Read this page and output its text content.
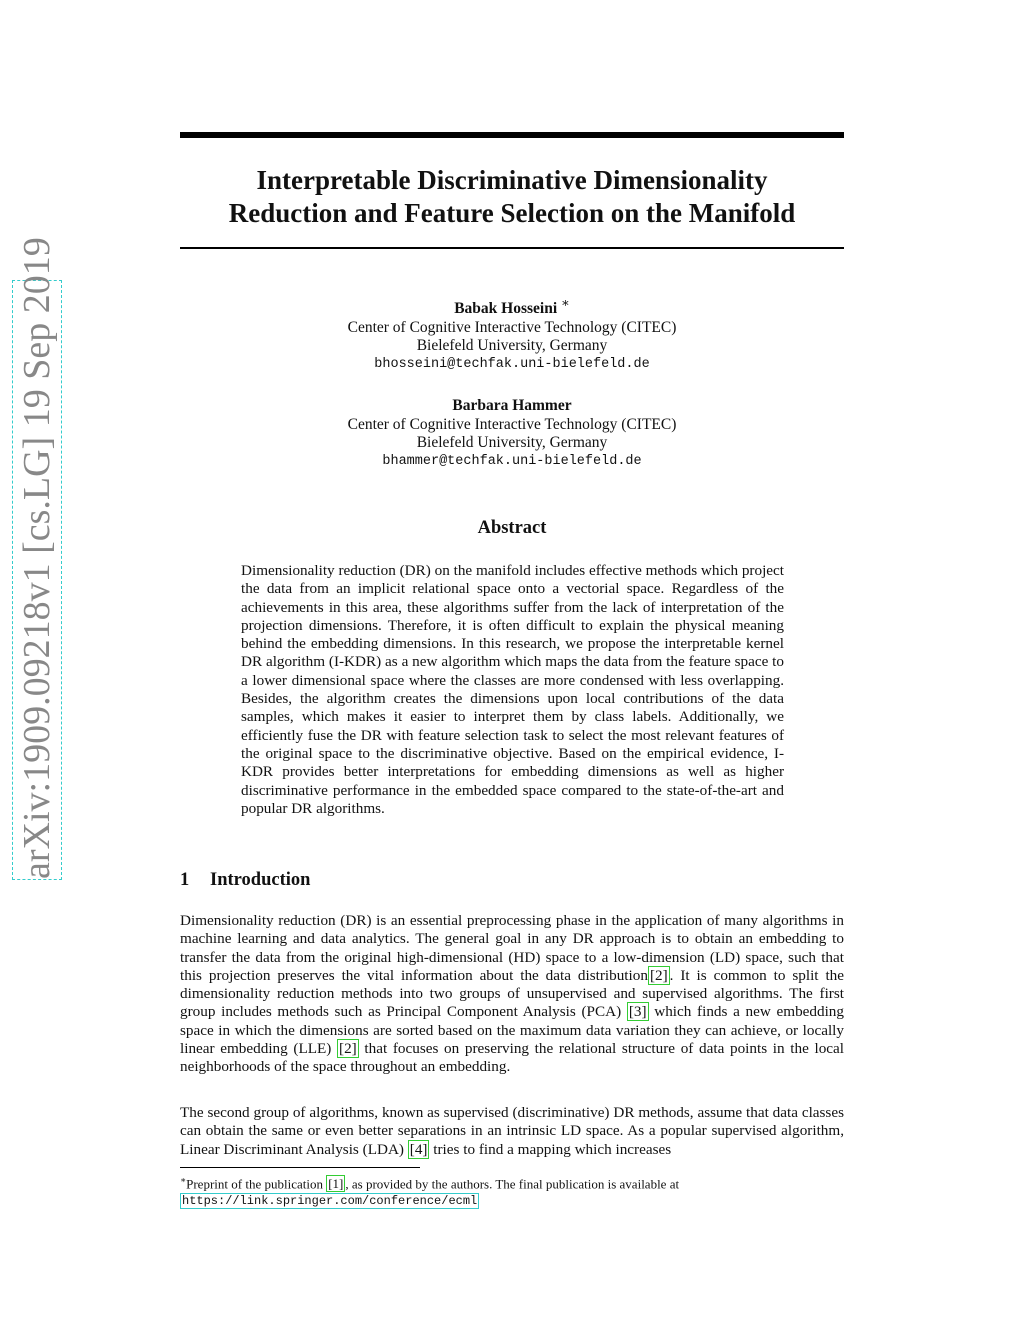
arXiv:1909.09218v1 [cs.LG] 19 Sep 2019
Interpretable Discriminative Dimensionality
Reduction and Feature Selection on the Manifold
Babak Hosseini ∗
Center of Cognitive Interactive Technology (CITEC)
Bielefeld University, Germany
bhosseini@techfak.uni-bielefeld.de
Barbara Hammer
Center of Cognitive Interactive Technology (CITEC)
Bielefeld University, Germany
bhammer@techfak.uni-bielefeld.de
Abstract
Dimensionality reduction (DR) on the manifold includes effective methods which project the data from an implicit relational space onto a vectorial space. Regardless of the achievements in this area, these algorithms suffer from the lack of interpretation of the projection dimensions. Therefore, it is often difficult to explain the physical meaning behind the embedding dimensions. In this research, we propose the interpretable kernel DR algorithm (I-KDR) as a new algorithm which maps the data from the feature space to a lower dimensional space where the classes are more condensed with less overlapping. Besides, the algorithm creates the dimensions upon local contributions of the data samples, which makes it easier to interpret them by class labels. Additionally, we efficiently fuse the DR with feature selection task to select the most relevant features of the original space to the discriminative objective. Based on the empirical evidence, I-KDR provides better interpretations for embedding dimensions as well as higher discriminative performance in the embedded space compared to the state-of-the-art and popular DR algorithms.
1 Introduction

Dimensionality reduction (DR) is an essential preprocessing phase in the application of many algorithms in machine learning and data analytics. The general goal in any DR approach is to obtain an embedding to transfer the data from the original high-dimensional (HD) space to a low-dimension (LD) space, such that this projection preserves the vital information about the data distribution [2] . It is common to split the dimensionality reduction methods into two groups of unsupervised and supervised algorithms. The first group includes methods such as Principal Component Analysis (PCA) [3] which finds a new embedding space in which the dimensions are sorted based on the maximum data variation they can achieve, or locally linear embedding (LLE) [2] that focuses on preserving the relational structure of data points in the local neighborhoods of the space throughout an embedding.

The second group of algorithms, known as supervised (discriminative) DR methods, assume that data classes can obtain the same or even better separations in an intrinsic LD space. As a popular supervised algorithm, Linear Discriminant Analysis (LDA) [4] tries to find a mapping which increases

∗Preprint of the publication [1] , as provided by the authors. The final publication is available at
https://link.springer.com/conference/ecml
